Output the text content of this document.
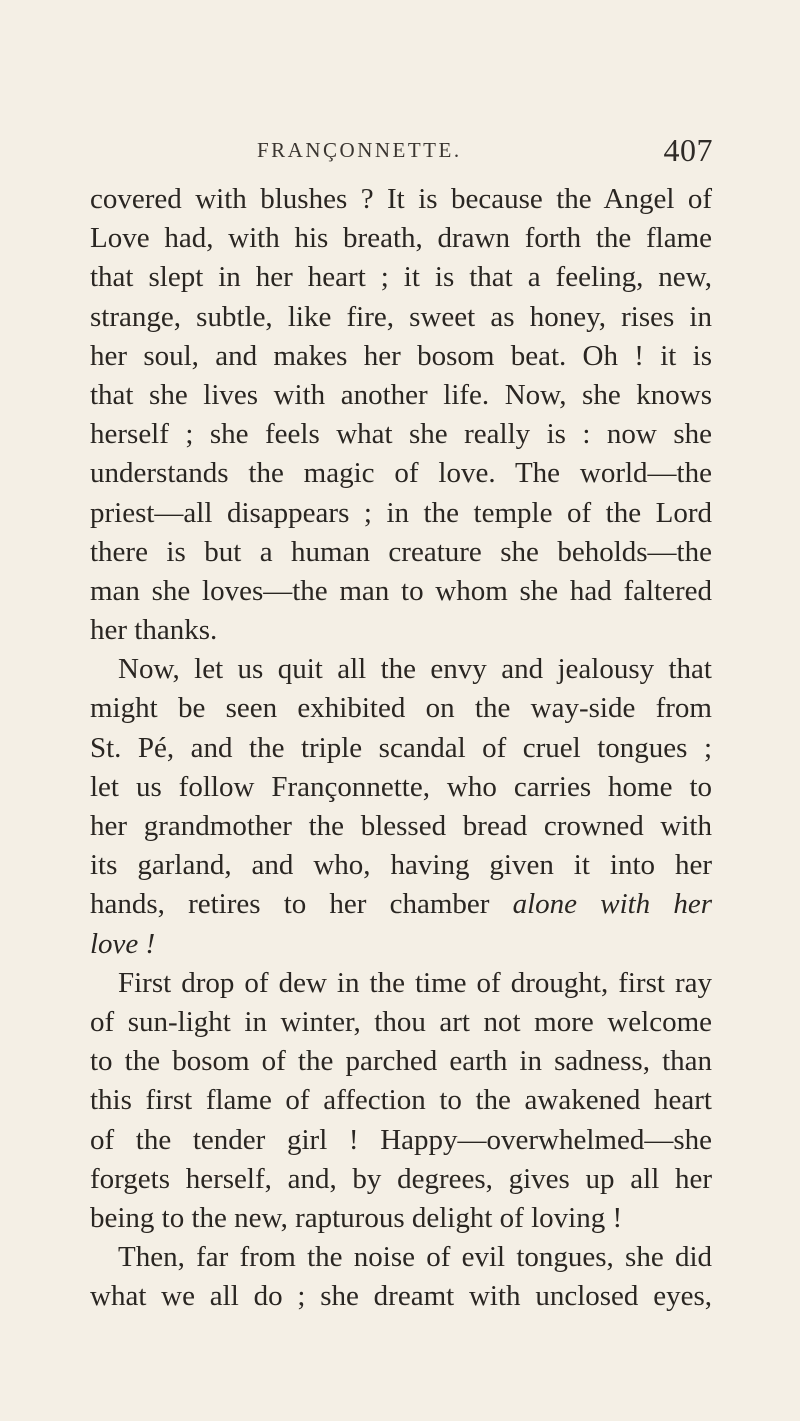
FRANÇONNETTE.	407
covered with blushes ? It is because the Angel of
Love had, with his breath, drawn forth the flame
that slept in her heart ; it is that a feeling, new,
strange, subtle, like fire, sweet as honey, rises in
her soul, and makes her bosom beat. Oh ! it is
that she lives with another life. Now, she knows
herself ; she feels what she really is : now she
understands the magic of love. The world—the
priest—all disappears ; in the temple of the Lord
there is but a human creature she beholds—the
man she loves—the man to whom she had faltered
her thanks.
Now, let us quit all the envy and jealousy that
might be seen exhibited on the way-side from
St. Pé, and the triple scandal of cruel tongues ;
let us follow Françonnette, who carries home to
her grandmother the blessed bread crowned with
its garland, and who, having given it into her
hands, retires to her chamber alone with her
love !
First drop of dew in the time of drought, first ray
of sun-light in winter, thou art not more welcome
to the bosom of the parched earth in sadness, than
this first flame of affection to the awakened heart
of the tender girl ! Happy—overwhelmed—she
forgets herself, and, by degrees, gives up all her
being to the new, rapturous delight of loving !
Then, far from the noise of evil tongues, she did
what we all do ; she dreamt with unclosed eyes,
